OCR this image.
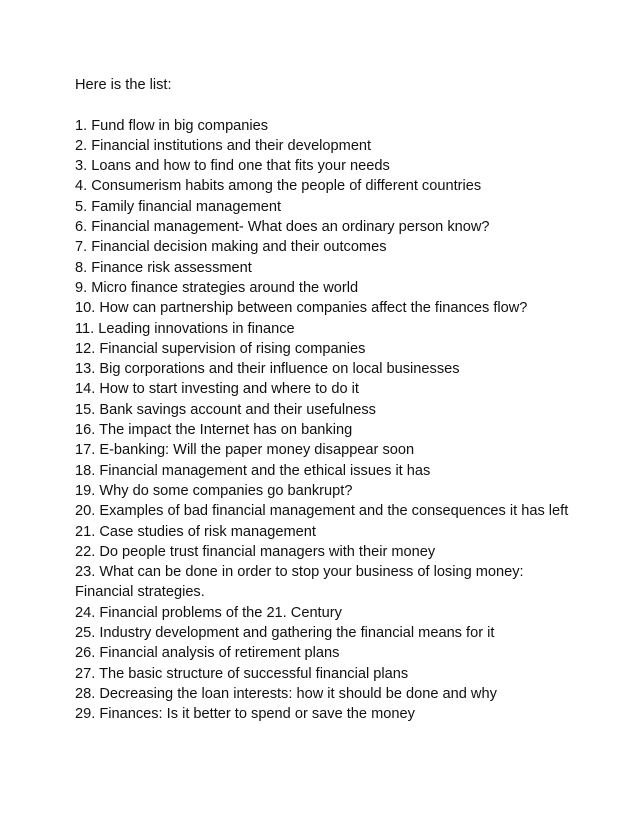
Here is the list:

1. Fund flow in big companies
2. Financial institutions and their development
3. Loans and how to find one that fits your needs
4. Consumerism habits among the people of different countries
5. Family financial management
6. Financial management- What does an ordinary person know?
7. Financial decision making and their outcomes
8. Finance risk assessment
9. Micro finance strategies around the world
10. How can partnership between companies affect the finances flow?
11. Leading innovations in finance
12. Financial supervision of rising companies
13. Big corporations and their influence on local businesses
14. How to start investing and where to do it
15. Bank savings account and their usefulness
16. The impact the Internet has on banking
17. E-banking: Will the paper money disappear soon
18. Financial management and the ethical issues it has
19. Why do some companies go bankrupt?
20. Examples of bad financial management and the consequences it has left
21. Case studies of risk management
22. Do people trust financial managers with their money
23. What can be done in order to stop your business of losing money: Financial strategies.
24. Financial problems of the 21. Century
25. Industry development and gathering the financial means for it
26. Financial analysis of retirement plans
27. The basic structure of successful financial plans
28. Decreasing the loan interests: how it should be done and why
29. Finances: Is it better to spend or save the money
